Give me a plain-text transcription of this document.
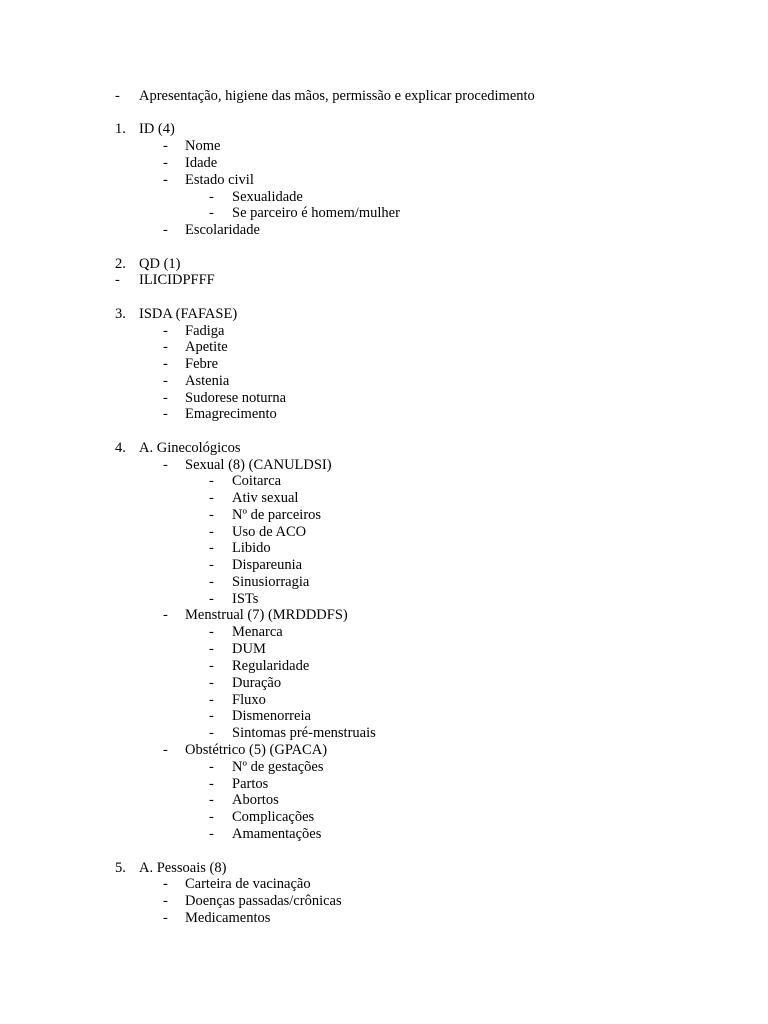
- Apresentação, higiene das mãos, permissão e explicar procedimento
1. ID (4)
- Nome
- Idade
- Estado civil
- Sexualidade
- Se parceiro é homem/mulher
- Escolaridade
2. QD (1)
- ILICIDPFFF
3. ISDA (FAFASE)
- Fadiga
- Apetite
- Febre
- Astenia
- Sudorese noturna
- Emagrecimento
4. A. Ginecológicos
- Sexual (8) (CANULDSI)
- Coitarca
- Ativ sexual
- Nº de parceiros
- Uso de ACO
- Libido
- Dispareunia
- Sinusiorragia
- ISTs
- Menstrual (7) (MRDDDFS)
- Menarca
- DUM
- Regularidade
- Duração
- Fluxo
- Dismenorreia
- Sintomas pré-menstruais
- Obstétrico (5) (GPACA)
- Nº de gestações
- Partos
- Abortos
- Complicações
- Amamentações
5. A. Pessoais (8)
- Carteira de vacinação
- Doenças passadas/crônicas
- Medicamentos
